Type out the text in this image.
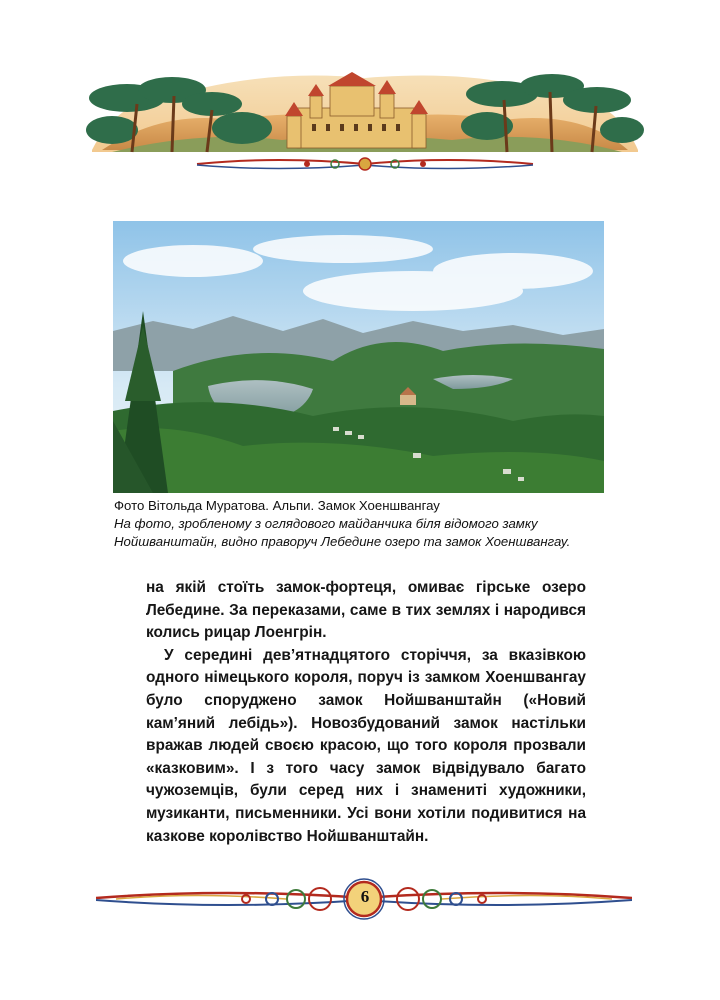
Фото Вітольда Муратова. Альпи. Замок Хоеншвангау
На фото, зробленому з оглядового майданчика біля відомого замку
Нойшванштайн, видно праворуч Лебедине озеро та замок Хоеншвангау.

на якій стоїть замок-фортеця, омиває гірське озеро Лебедине. За переказами, саме в тих землях і народився колись рицар Лоенгрін.

У середині дев’ятнадцятого сторіччя, за вказівкою одного німецького короля, поруч із замком Хоеншвангау було споруджено замок Нойшванштайн («Новий кам’яний лебідь»). Новозбудований замок настільки вражав людей своєю красою, що того короля прозвали «казковим». І з того часу замок відвідувало багато чужоземців, були серед них і знамениті художники, музиканти, письменники. Усі вони хотіли подивитися на казкове королівство Нойшванштайн.

6
